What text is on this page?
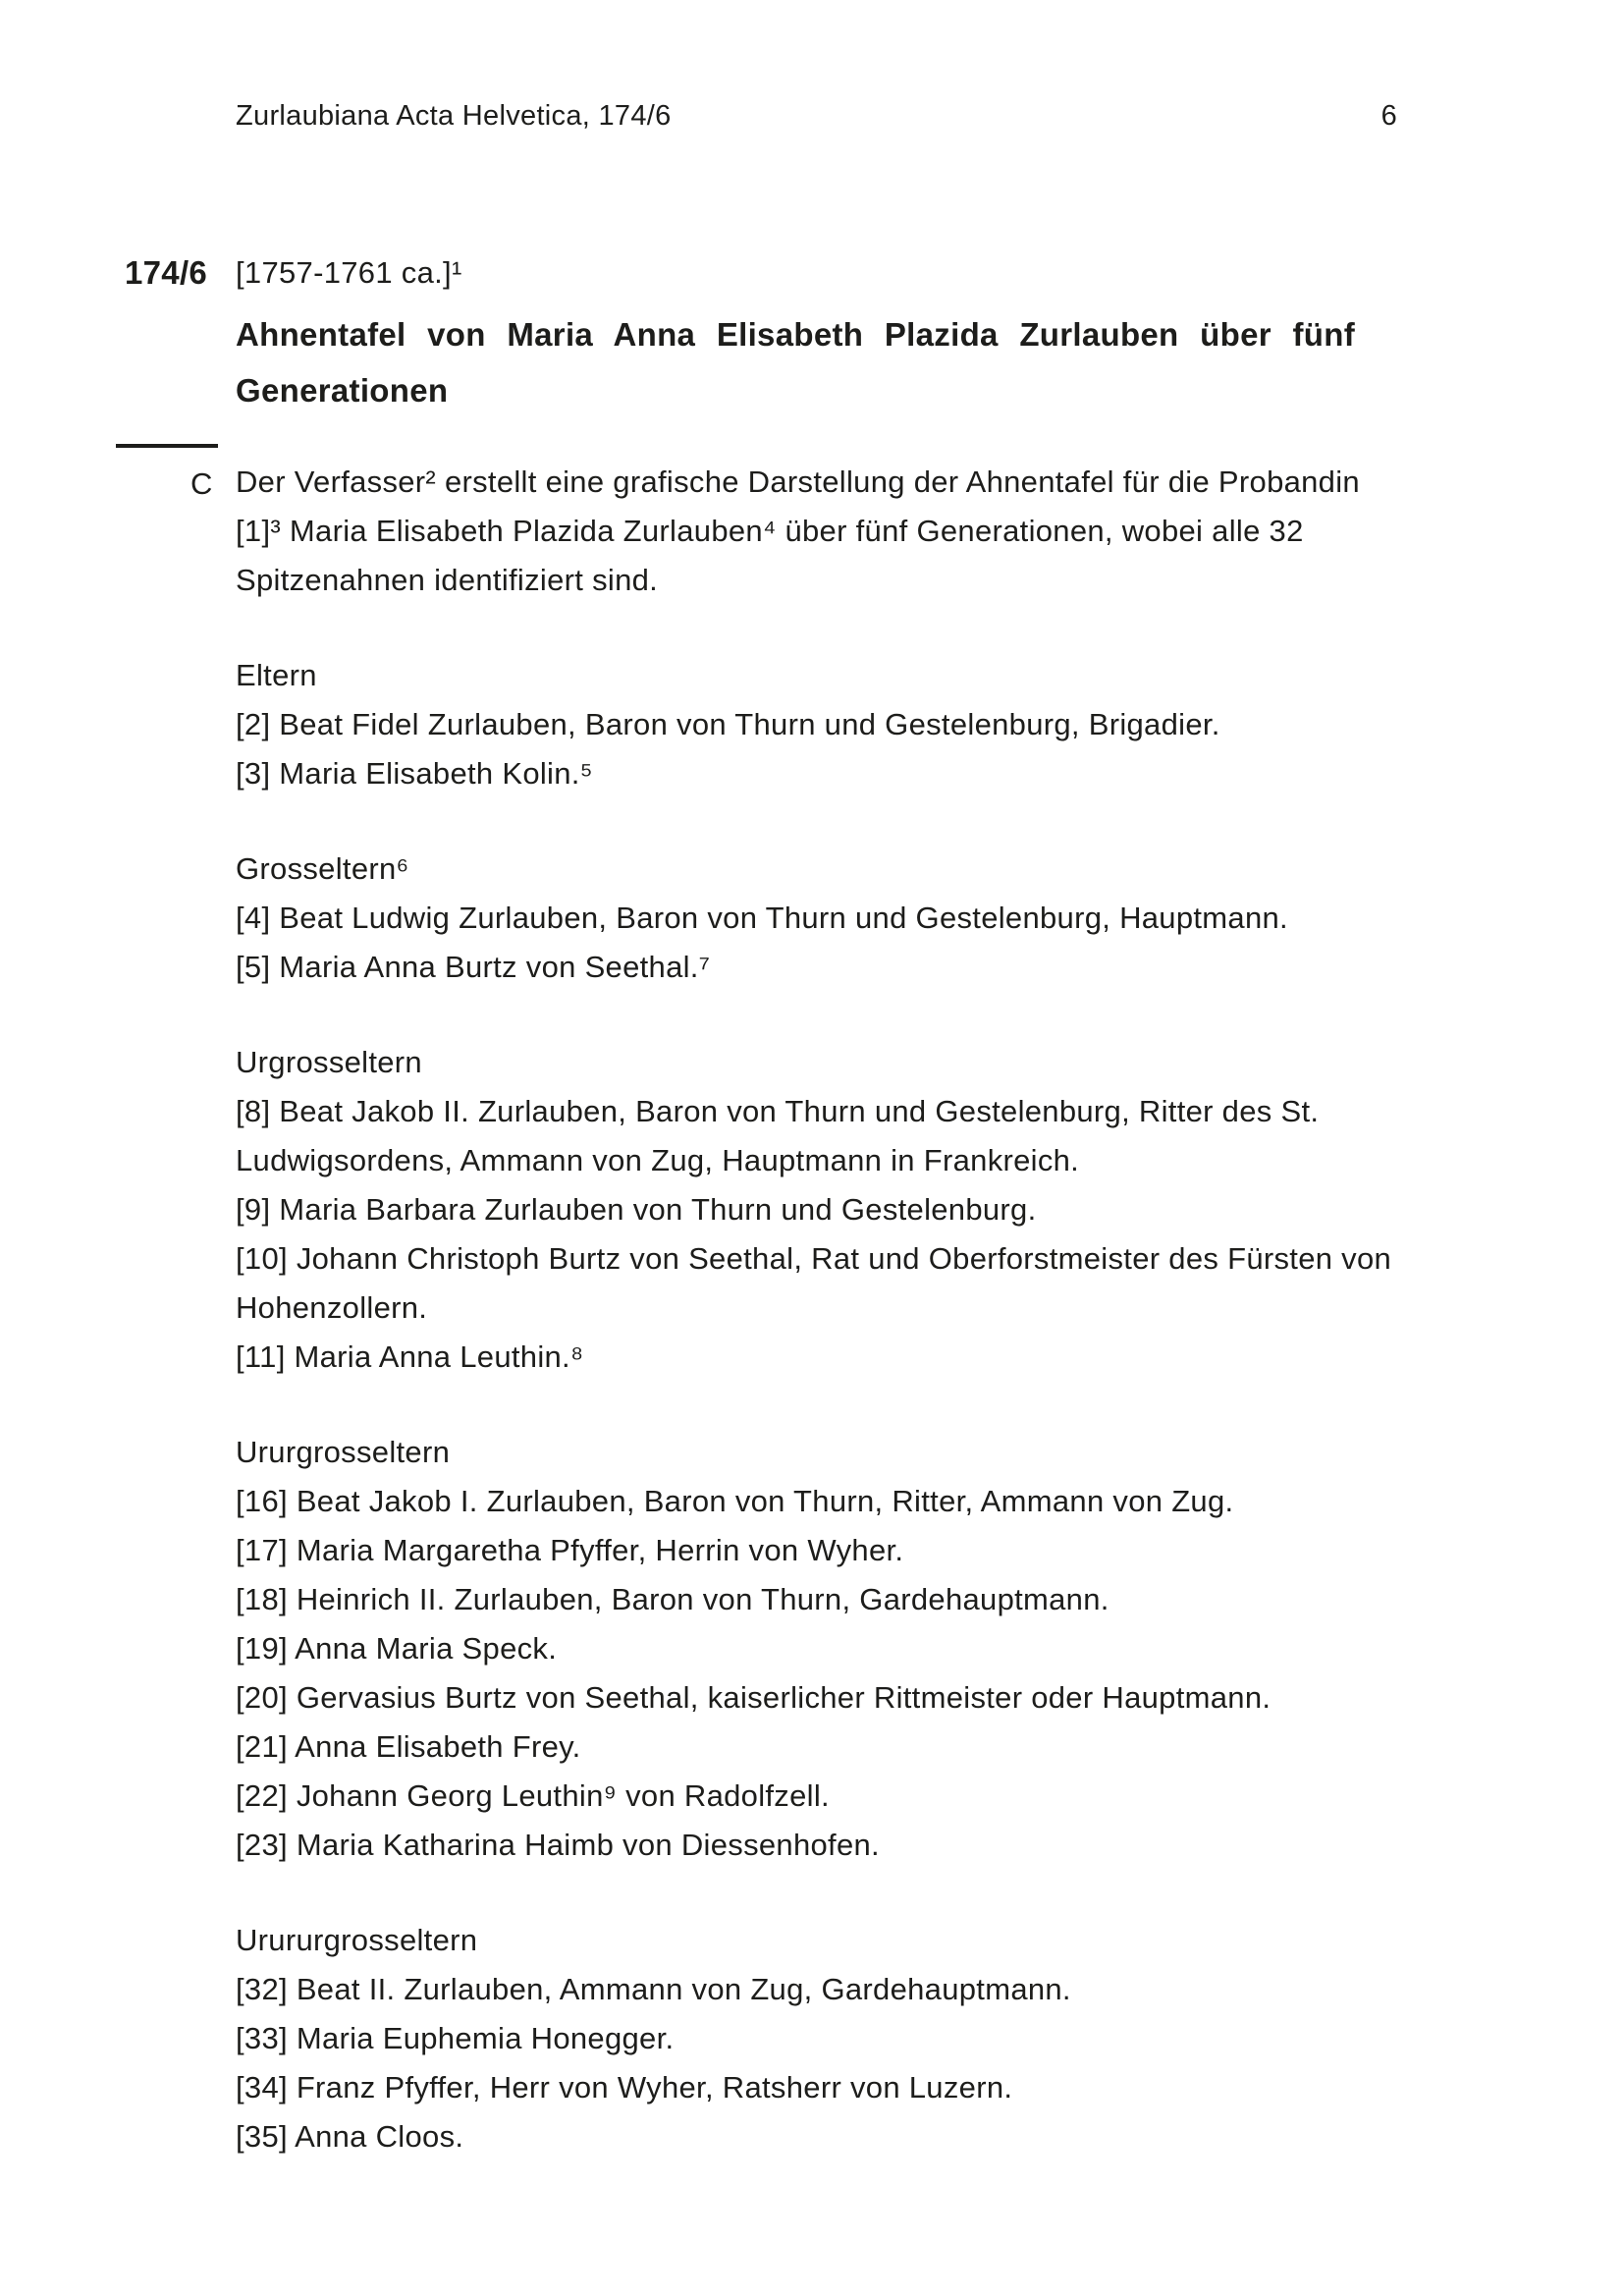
Zurlaubiana Acta Helvetica, 174/6	6
174/6 [1757-1761 ca.]¹
Ahnentafel von Maria Anna Elisabeth Plazida Zurlauben über fünf Generationen
C Der Verfasser² erstellt eine grafische Darstellung der Ahnentafel für die Probandin [1]³ Maria Elisabeth Plazida Zurlauben⁴ über fünf Generationen, wobei alle 32 Spitzenahnen identifiziert sind.

Eltern

[2] Beat Fidel Zurlauben, Baron von Thurn und Gestelenburg, Brigadier.

[3] Maria Elisabeth Kolin.⁵

Grosseltern⁶

[4] Beat Ludwig Zurlauben, Baron von Thurn und Gestelenburg, Hauptmann.

[5] Maria Anna Burtz von Seethal.⁷

Urgrosseltern

[8] Beat Jakob II. Zurlauben, Baron von Thurn und Gestelenburg, Ritter des St. Ludwigsordens, Ammann von Zug, Hauptmann in Frankreich.

[9] Maria Barbara Zurlauben von Thurn und Gestelenburg.

[10] Johann Christoph Burtz von Seethal, Rat und Oberforstmeister des Fürsten von Hohenzollern.

[11] Maria Anna Leuthin.⁸

Ururgrosseltern

[16] Beat Jakob I. Zurlauben, Baron von Thurn, Ritter, Ammann von Zug.

[17] Maria Margaretha Pfyffer, Herrin von Wyher.

[18] Heinrich II. Zurlauben, Baron von Thurn, Gardehauptmann.

[19] Anna Maria Speck.

[20] Gervasius Burtz von Seethal, kaiserlicher Rittmeister oder Hauptmann.

[21] Anna Elisabeth Frey.

[22] Johann Georg Leuthin⁹ von Radolfzell.

[23] Maria Katharina Haimb von Diessenhofen.

Urururgrosseltern

[32] Beat II. Zurlauben, Ammann von Zug, Gardehauptmann.

[33] Maria Euphemia Honegger.

[34] Franz Pfyffer, Herr von Wyher, Ratsherr von Luzern.

[35] Anna Cloos.
